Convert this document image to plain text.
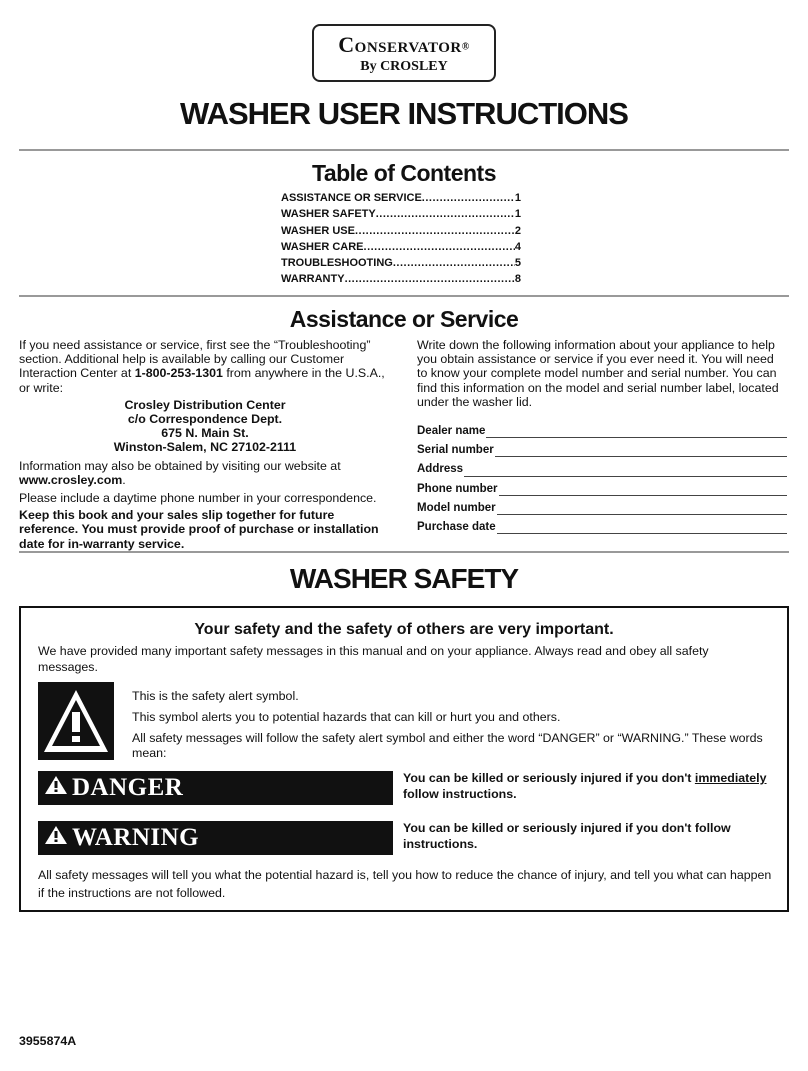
Conservator®
By CROSLEY
WASHER USER INSTRUCTIONS
Table of Contents
ASSISTANCE OR SERVICE .....	1
WASHER SAFETY .....	1
WASHER USE .....	2
WASHER CARE .....	4
TROUBLESHOOTING .....	5
WARRANTY .....	8
Assistance or Service

If you need assistance or service, first see the “Troubleshooting” section. Additional help is available by calling our Customer Interaction Center at 1-800-253-1301 from anywhere in the U.S.A., or write:

Crosley Distribution Center
c/o Correspondence Dept.
675 N. Main St.
Winston-Salem, NC 27102-2111

Information may also be obtained by visiting our website at www.crosley.com.

Please include a daytime phone number in your correspondence.

Keep this book and your sales slip together for future reference. You must provide proof of purchase or installation date for in-warranty service.

Write down the following information about your appliance to help you obtain assistance or service if you ever need it. You will need to know your complete model number and serial number. You can find this information on the model and serial number label, located under the washer lid.

Dealer name
Serial number
Address
Phone number
Model number
Purchase date
WASHER SAFETY
Your safety and the safety of others are very important.
We have provided many important safety messages in this manual and on your appliance. Always read and obey all safety messages.
This is the safety alert symbol.
This symbol alerts you to potential hazards that can kill or hurt you and others.
All safety messages will follow the safety alert symbol and either the word “DANGER” or “WARNING.” These words mean:
DANGER	You can be killed or seriously injured if you don't immediately follow instructions.
WARNING	You can be killed or seriously injured if you don't follow instructions.
All safety messages will tell you what the potential hazard is, tell you how to reduce the chance of injury, and tell you what can happen if the instructions are not followed.
3955874A
